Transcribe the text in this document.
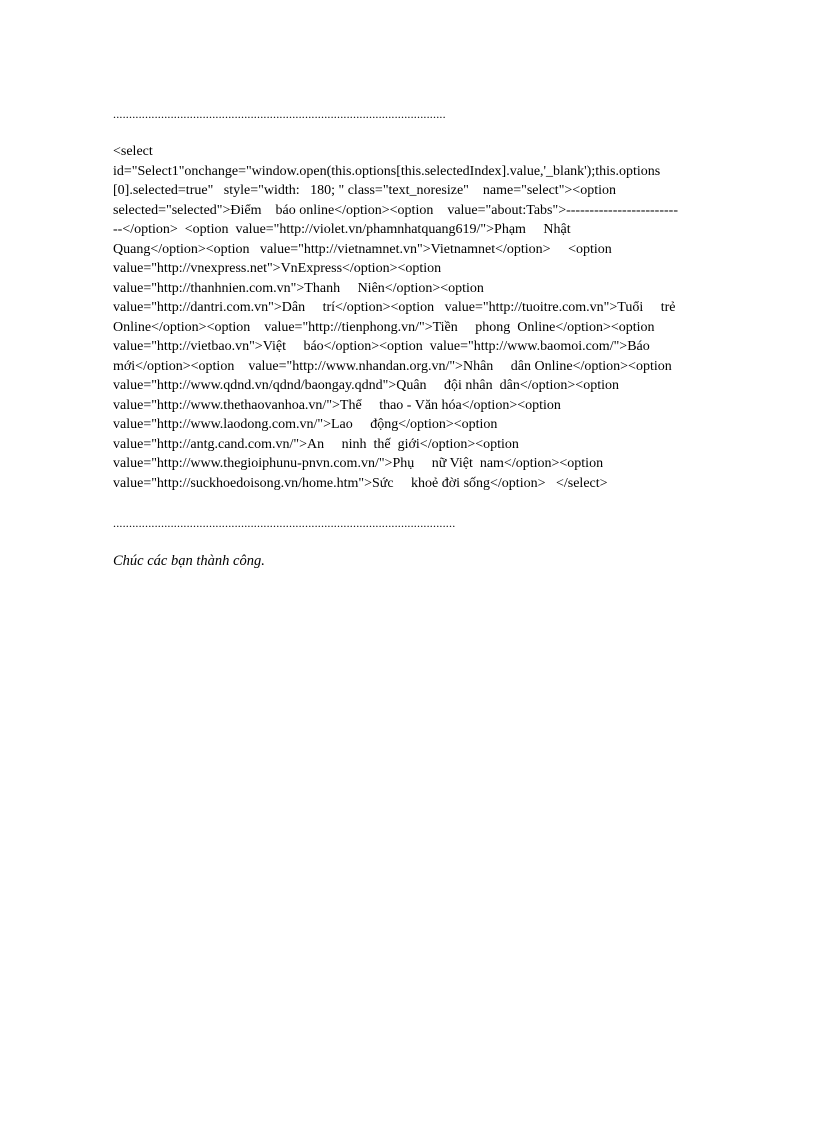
........................................................................................................
<select
id="Select1"onchange="window.open(this.options[this.selectedIndex].value,'_blank');this.options
[0].selected=true"   style="width:   180; " class="text_noresize"    name="select"><option
selected="selected">Điểm    báo online</option><option    value="about:Tabs">------------------------
--</option>  <option  value="http://violet.vn/phamnhatquang619/">Phạm     Nhật
Quang</option><option   value="http://vietnamnet.vn">Vietnamnet</option>     <option
value="http://vnexpress.net">VnExpress</option><option
value="http://thanhnien.com.vn">Thanh     Niên</option><option
value="http://dantri.com.vn">Dân     trí</option><option   value="http://tuoitre.com.vn">Tuổi     trẻ
Online</option><option    value="http://tienphong.vn/">Tiền     phong  Online</option><option
value="http://vietbao.vn">Việt     báo</option><option  value="http://www.baomoi.com/">Báo
mới</option><option    value="http://www.nhandan.org.vn/">Nhân     dân Online</option><option
value="http://www.qdnd.vn/qdnd/baongay.qdnd">Quân     đội nhân  dân</option><option
value="http://www.thethaovanhoa.vn/">Thể     thao - Văn hóa</option><option
value="http://www.laodong.com.vn/">Lao     động</option><option
value="http://antg.cand.com.vn/">An     ninh  thế  giới</option><option
value="http://www.thegioiphunu-pnvn.com.vn/">Phụ     nữ Việt  nam</option><option
value="http://suckhoedoisong.vn/home.htm">Sức     khoẻ đời sống</option>   </select>
...........................................................................................................
Chúc các bạn thành công.
